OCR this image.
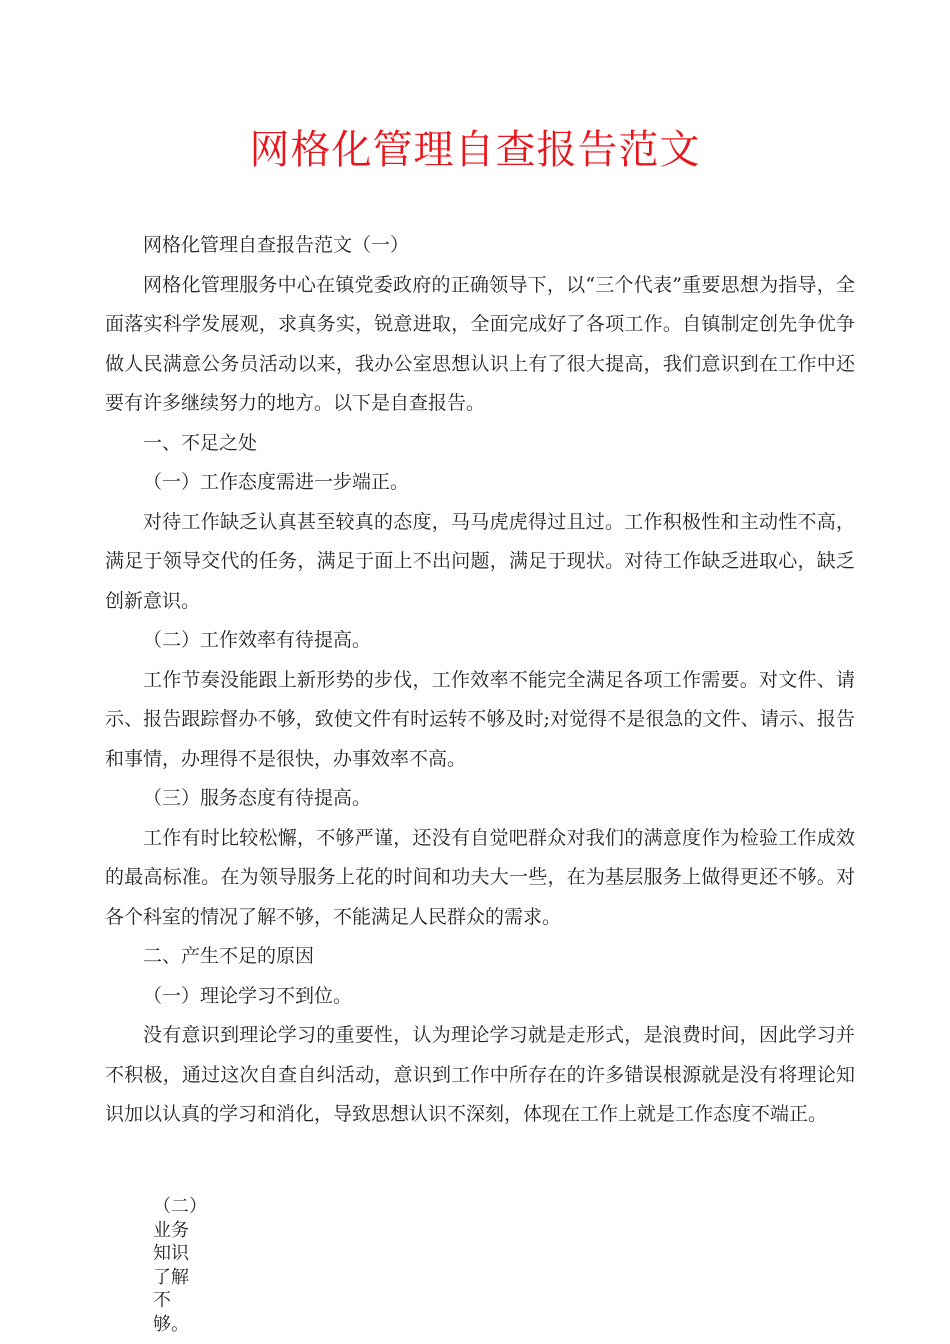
网格化管理自查报告范文

网格化管理自查报告范文（一）

网格化管理服务中心在镇党委政府的正确领导下，以“三个代表”重要思想为指导，全面落实科学发展观，求真务实，锐意进取，全面完成好了各项工作。自镇制定创先争优争做人民满意公务员活动以来，我办公室思想认识上有了很大提高，我们意识到在工作中还要有许多继续努力的地方。以下是自查报告。

一、不足之处

（一）工作态度需进一步端正。

对待工作缺乏认真甚至较真的态度，马马虎虎得过且过。工作积极性和主动性不高，满足于领导交代的任务，满足于面上不出问题，满足于现状。对待工作缺乏进取心，缺乏创新意识。

（二）工作效率有待提高。

工作节奏没能跟上新形势的步伐，工作效率不能完全满足各项工作需要。对文件、请示、报告跟踪督办不够，致使文件有时运转不够及时;对觉得不是很急的文件、请示、报告和事情，办理得不是很快，办事效率不高。

（三）服务态度有待提高。

工作有时比较松懈，不够严谨，还没有自觉吧群众对我们的满意度作为检验工作成效的最高标准。在为领导服务上花的时间和功夫大一些，在为基层服务上做得更还不够。对各个科室的情况了解不够，不能满足人民群众的需求。

二、产生不足的原因

（一）理论学习不到位。

没有意识到理论学习的重要性，认为理论学习就是走形式，是浪费时间，因此学习并不积极，通过这次自查自纠活动，意识到工作中所存在的许多错误根源就是没有将理论知识加以认真的学习和消化，导致思想认识不深刻，体现在工作上就是工作态度不端正。

（二）业务知识了解不够。
